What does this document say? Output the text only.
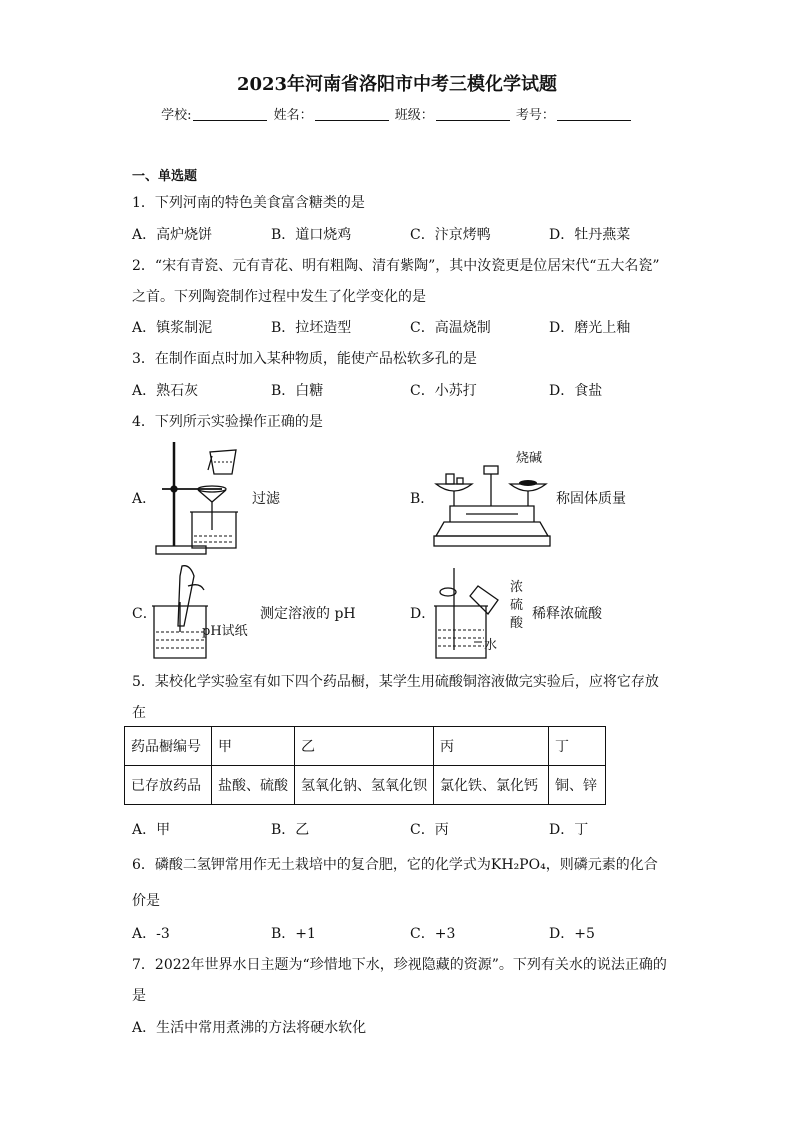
2023年河南省洛阳市中考三模化学试题
学校:	姓名：	班级：	考号：
一、单选题
1．下列河南的特色美食富含糖类的是
A．高炉烧饼	B．道口烧鸡	C．汴京烤鸭	D．牡丹燕菜
2．“宋有青瓷、元有青花、明有粗陶、清有紫陶”，其中汝瓷更是位居宋代“五大名瓷”
之首。下列陶瓷制作过程中发生了化学变化的是
A．镇浆制泥	B．拉坯造型	C．高温烧制	D．磨光上釉
3．在制作面点时加入某种物质，能使产品松软多孔的是
A．熟石灰	B．白糖	C．小苏打	D．食盐
4．下列所示实验操作正确的是
A．	过滤	B．
烧碱
称固体质量
C．
pH试纸
测定溶液的 pH	D．
浓
硫
酸
水
稀释浓硫酸
5．某校化学实验室有如下四个药品橱，某学生用硫酸铜溶液做完实验后，应将它存放
在
药品橱编号	甲	乙	丙	丁
已存放药品	盐酸、硫酸	氢氧化钠、氢氧化钡	氯化铁、氯化钙	铜、锌
A．甲	B．乙	C．丙	D．丁
6．磷酸二氢钾常用作无土栽培中的复合肥，它的化学式为KH₂PO₄，则磷元素的化合
价是
A．-3	B．+1	C．+3	D．+5
7．2022年世界水日主题为“珍惜地下水，珍视隐藏的资源”。下列有关水的说法正确的
是
A．生活中常用煮沸的方法将硬水软化
